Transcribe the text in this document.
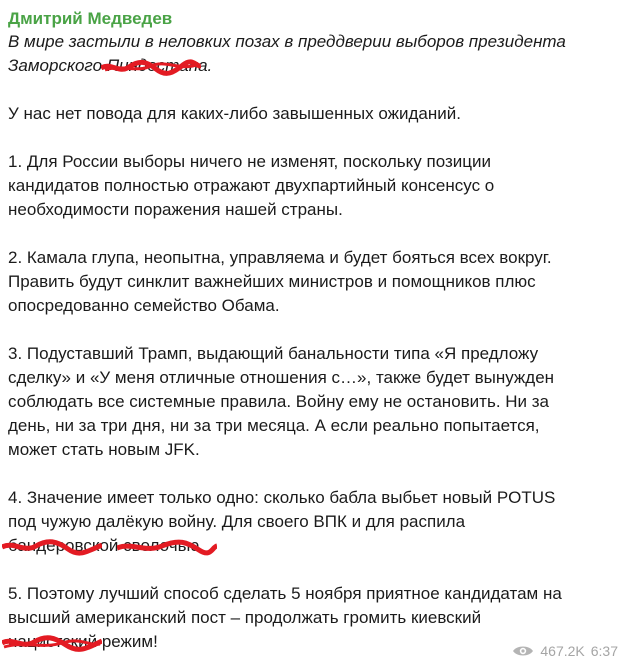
Дмитрий Медведев
В мире застыли в неловких позах в преддверии выборов президента
Заморского Пиндостана
.
У нас нет повода для каких-либо завышенных ожиданий.
1. Для России выборы ничего не изменят, поскольку позиции
кандидатов полностью отражают двухпартийный консенсус о
необходимости поражения нашей страны.
2. Камала глупа, неопытна, управляема и будет бояться всех вокруг.
Править будут синклит важнейших министров и помощников плюс
опосредованно семейство Обама.
3. Подуставший Трамп, выдающий банальности типа «Я предложу
сделку» и «У меня отличные отношения с…», также будет вынужден
соблюдать все системные правила. Войну ему не остановить. Ни за
день, ни за три дня, ни за три месяца. А если реально попытается,
может стать новым JFK.
4. Значение имеет только одно: сколько бабла выбьет новый POTUS
под чужую далёкую войну. Для своего ВПК и для распила
бандеровской сволочью
.
5. Поэтому лучший способ сделать 5 ноября приятное кандидатам на
высший американский пост – продолжать громить киевский
нацистский режим!	467.2K 6:37
